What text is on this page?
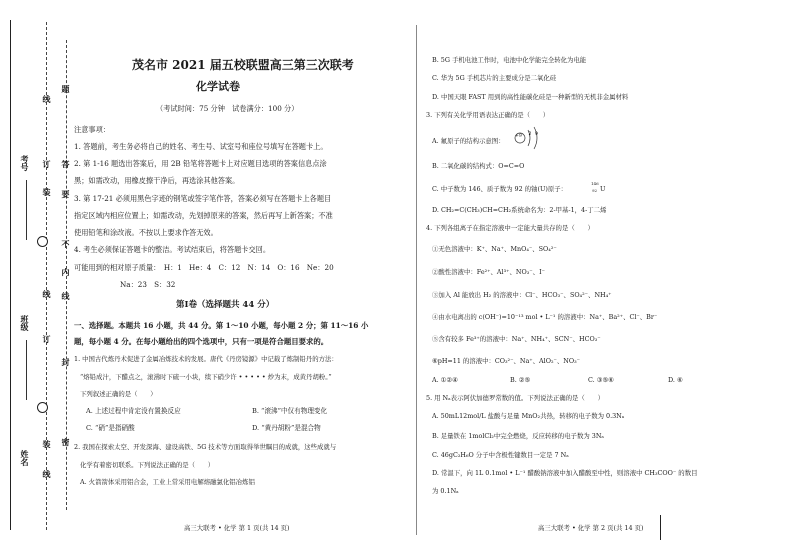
考号
班级
姓名
线
订
装
线
订
装
线
题
答
要
不
内
线
封
密
茂名市 2021 届五校联盟高三第三次联考
化学试卷
（考试时间：75 分钟　试卷满分：100 分）
注意事项：
1. 答题前，考生务必将自己的姓名、考生号、试室号和座位号填写在答题卡上。
2. 第 1-16 题选出答案后，用 2B 铅笔将答题卡上对应题目选项的答案信息点涂
黑；如需改动，用橡皮擦干净后，再选涂其他答案。
3. 第 17-21 必须用黑色字迹的钢笔或签字笔作答，答案必须写在答题卡上各题目
指定区域内相应位置上；如需改动，先划掉原来的答案，然后再写上新答案；不准
使用铅笔和涂改液。不按以上要求作答无效。
4. 考生必须保证答题卡的整洁。考试结束后，将答题卡交回。
可能用到的相对原子质量：　H：1　He：4　C：12　N：14　O：16　Ne：20
Na：23　S：32
第Ⅰ卷（选择题共 44 分）
一、选择题。本题共 16 小题，共 44 分。第 1～10 小题，每小题 2 分；第 11～16 小
题，每小题 4 分。在每小题给出的四个选项中，只有一项是符合题目要求的。
1. 中国古代炼丹术促进了金属冶炼技术的发展。唐代《丹房镜源》中记载了炼制铅丹的方法：
“熔铅成汁，下醋点之，滚沸时下硫一小块，续下硝少许 • • • • • 炒为末，成黄丹胡粉。”
下列叙述正确的是（　　）
A. 上述过程中肯定没有置换反应	B. “滚沸”中仅有物理变化
C. “硝”是指硝酸	D. “黄丹胡粉”是混合物
2. 我国在探索太空、开发深海、建设高铁、5G 技术等方面取得举世瞩目的成就，这些成就与
化学有着密切联系。下列说法正确的是（　　）
A. 火箭箭体采用铝合金，工业上常采用电解熔融氯化铝冶炼铝
高三大联考 • 化学 第 1 页(共 14 页)
B. 5G 手机电池工作时，电池中化学能完全转化为电能
C. 华为 5G 手机芯片的主要成分是二氧化硅
D. 中国天眼 FAST 用到的高性能碳化硅是一种新型的无机非金属材料
3. 下列有关化学用语表达正确的是（　　）
A. 氟原子的结构示意图：
2 9
+9
B. 二氧化碳的结构式：O=C=O
C. 中子数为 146、质子数为 92 的铀(U)原子：
146
92 U
D. CH₂=C(CH₃)CH=CH₂系统命名为：2-甲基-1，4-丁二烯
4. 下列各组离子在指定溶液中一定能大量共存的是（　　）
①无色溶液中：K⁺、Na⁺、MnO₄⁻、SO₄²⁻
②酸性溶液中：Fe²⁺、Al³⁺、NO₃⁻、I⁻
③加入 Al 能放出 H₂ 的溶液中：Cl⁻、HCO₃⁻、SO₄²⁻、NH₄⁺
④由水电离出的 c(OH⁻)=10⁻¹³ mol • L⁻¹ 的溶液中：Na⁺、Ba²⁺、Cl⁻、Br⁻
⑤含有较多 Fe³⁺的溶液中：Na⁺、NH₄⁺、SCN⁻、HCO₃⁻
⑥pH=11 的溶液中：CO₃²⁻、Na⁺、AlO₂⁻、NO₃⁻
A. ①②④	B. ②⑤	C. ③⑤⑥	D. ⑥
5. 用 Nₐ表示阿伏加德罗常数的值。下列说法正确的是（　　）
A. 50mL12mol/L 盐酸与足量 MnO₂共热，转移的电子数为 0.3Nₐ
B. 足量铁在 1molCl₂中完全燃烧，反应转移的电子数为 3Nₐ
C. 46gC₂H₆O 分子中含极性键数目一定是 7 Nₐ
D. 常温下，向 1L 0.1mol • L⁻¹ 醋酸钠溶液中加入醋酸至中性，则溶液中 CH₃COO⁻ 的数目
为 0.1Nₐ
高三大联考 • 化学 第 2 页(共 14 页)
